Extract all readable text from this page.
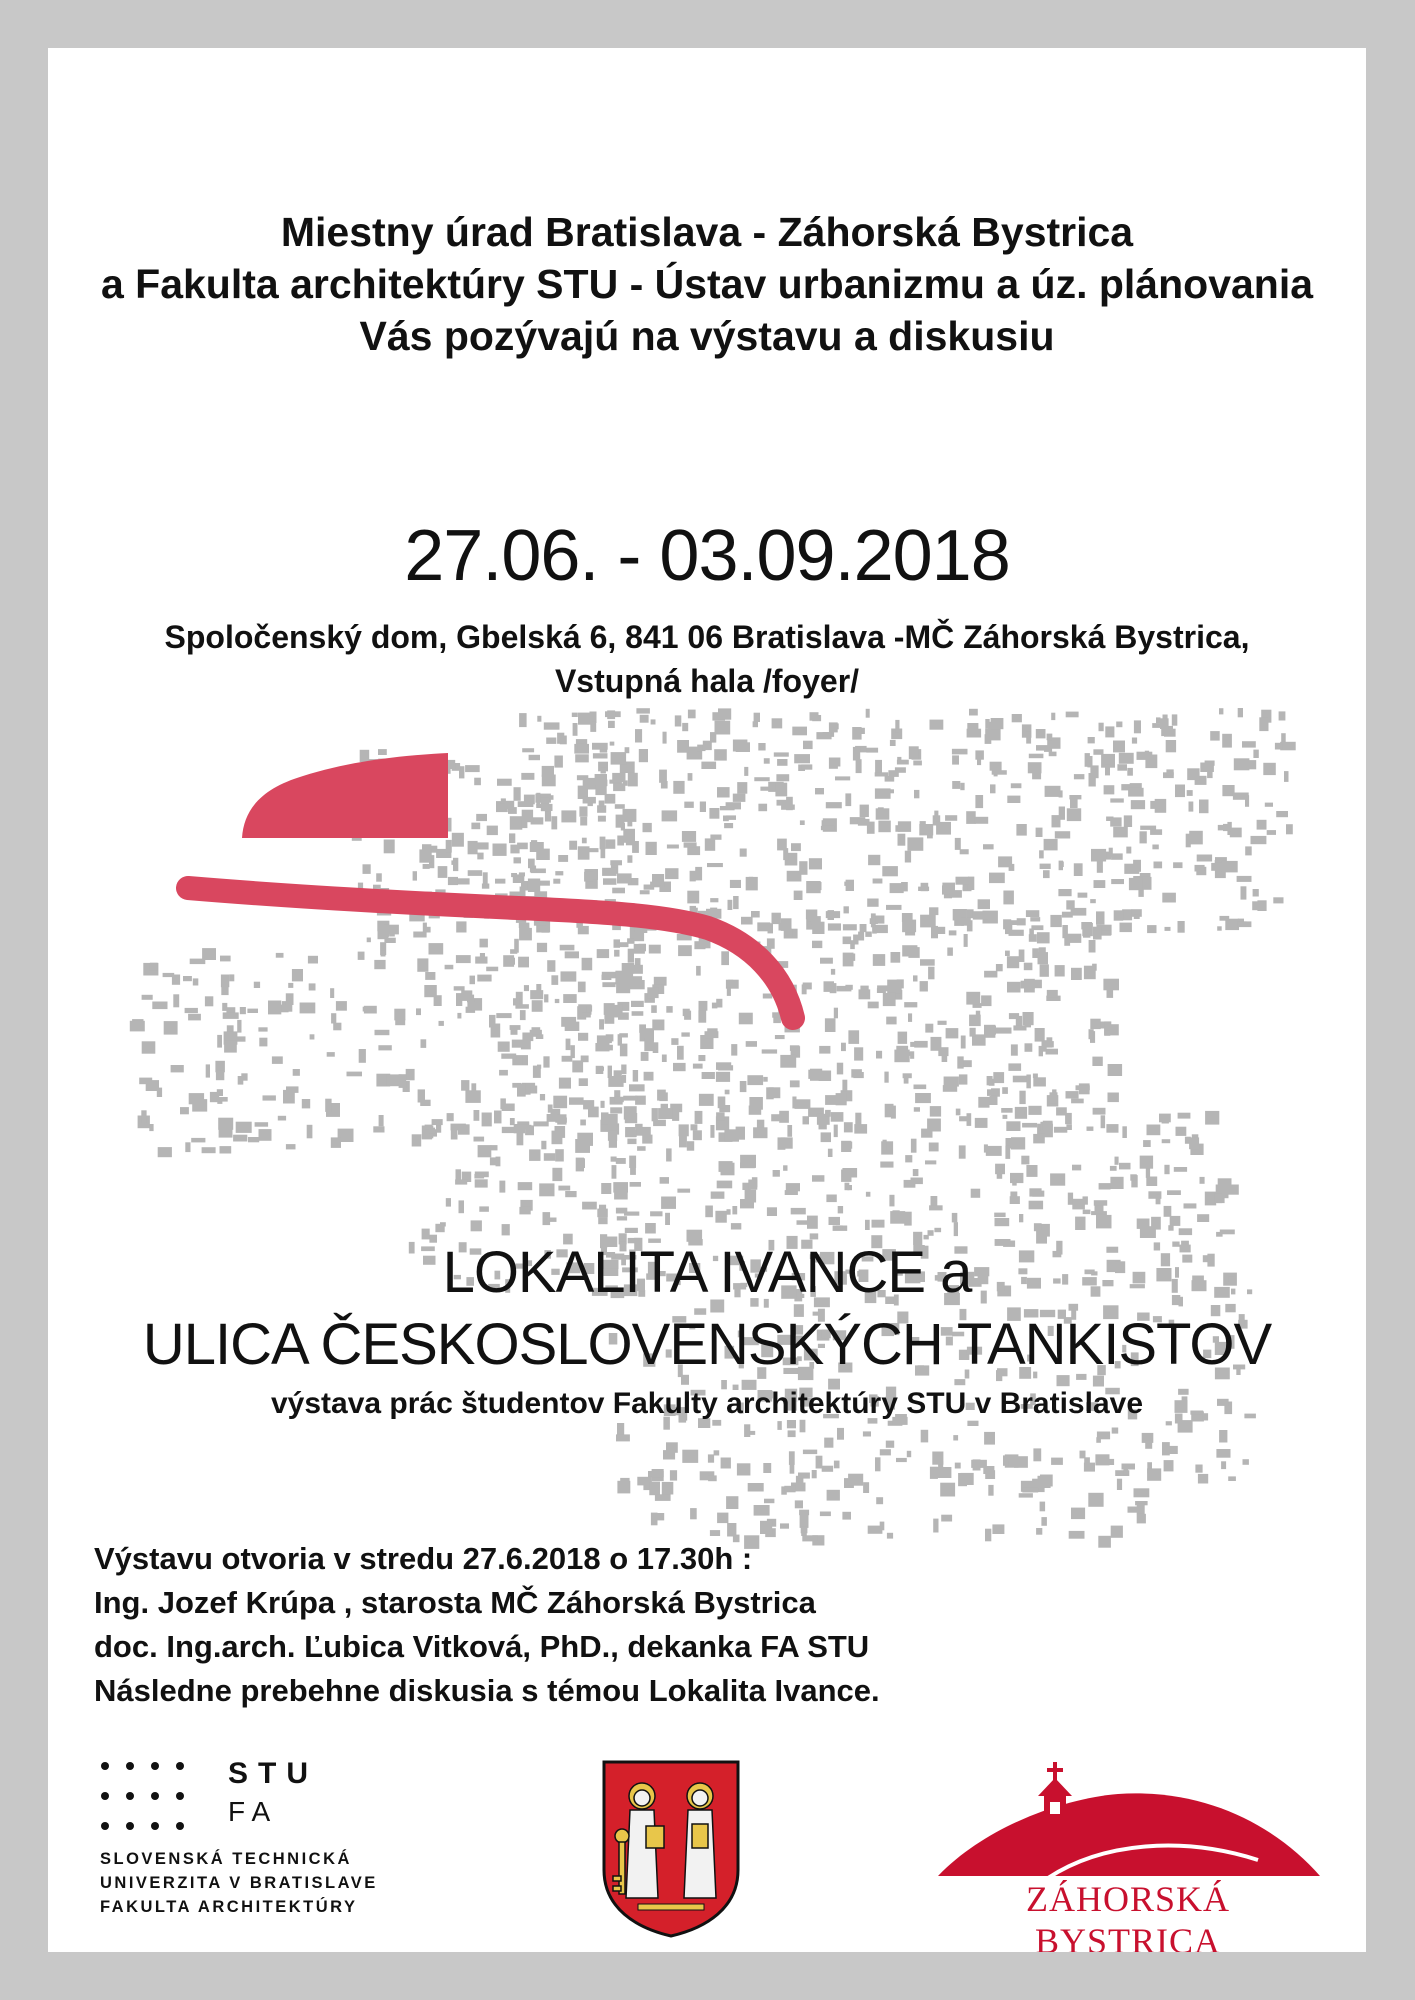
Miestny úrad Bratislava - Záhorská Bystrica
a Fakulta architektúry STU - Ústav urbanizmu a úz. plánovania
Vás pozývajú na výstavu a diskusiu
27.06. - 03.09.2018
Spoločenský dom, Gbelská 6, 841 06 Bratislava -MČ Záhorská Bystrica,
Vstupná hala /foyer/
LOKALITA IVANCE a
ULICA ČESKOSLOVENSKÝCH TANKISTOV
výstava prác študentov Fakulty architektúry STU v Bratislave
Výstavu otvoria v stredu 27.6.2018 o 17.30h :
Ing. Jozef Krúpa , starosta MČ Záhorská Bystrica
doc. Ing.arch. Ľubica Vitková, PhD., dekanka FA STU
Následne prebehne diskusia s témou Lokalita Ivance.
STU
FA
SLOVENSKÁ TECHNICKÁ
UNIVERZITA V BRATISLAVE
FAKULTA ARCHITEKTÚRY	ZÁHORSKÁ BYSTRICA
